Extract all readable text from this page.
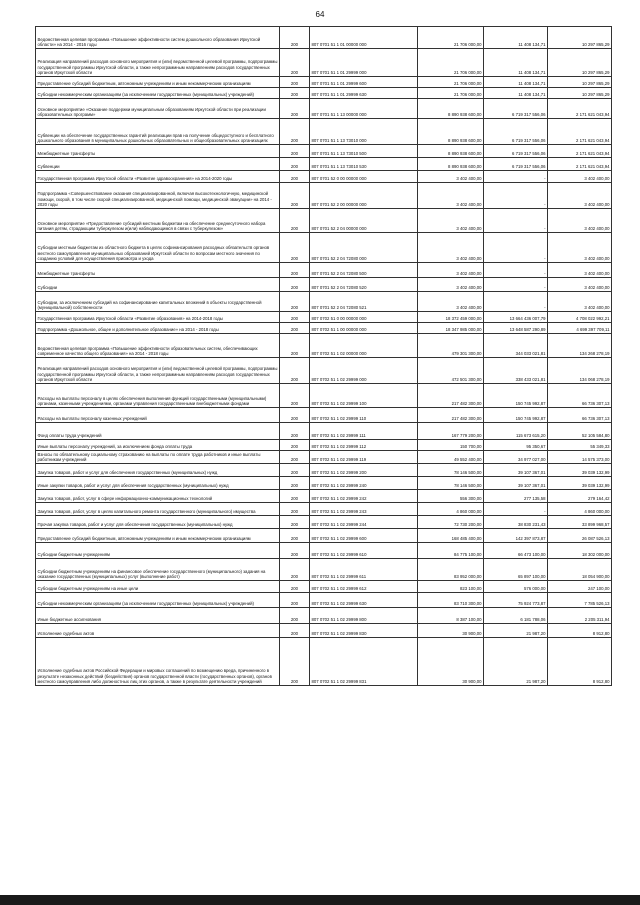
64
Ведомственная целевая программа «Повышение эффективности систем дошкольного образования Иркутской области» на 2014 - 2016 годы	200	807 0701 51 1 01 00000 000	21 706 000,00	11 408 134,71	10 297 865,29
Реализация направлений расходов основного мероприятия и (или) ведомственной целевой программы, подпрограммы государственной программы Иркутской области, а также непрограммным направлениям расходов государственных органов Иркутской области	200	807 0701 51 1 01 29999 000	21 706 000,00	11 408 134,71	10 297 865,29
Предоставление субсидий бюджетным, автономным учреждениям и иным некоммерческим организациям	200	807 0701 51 1 01 29999 600	21 706 000,00	11 408 134,71	10 297 865,29
Субсидии некоммерческим организациям (за исключением государственных (муниципальных) учреждений)	200	807 0701 51 1 01 29999 630	21 706 000,00	11 408 134,71	10 297 865,29
Основное мероприятие «Оказание поддержки муниципальным образованиям Иркутской области при реализации образовательных программ»	200	807 0701 51 1 13 00000 000	8 890 938 600,00	6 719 317 556,06	2 171 621 043,94
Субвенции на обеспечение государственных гарантий реализации прав на получение общедоступного и бесплатного дошкольного образования в муниципальных дошкольных образовательных и общеобразовательных организациях	200	807 0701 51 1 13 73010 000	8 890 938 600,00	6 719 317 556,06	2 171 621 043,94
Межбюджетные трансферты	200	807 0701 51 1 13 73010 500	8 890 938 600,00	6 719 317 556,06	2 171 621 043,94
Субвенции	200	807 0701 51 1 13 73010 530	8 890 938 600,00	6 719 317 556,06	2 171 621 043,94
Государственная программа Иркутской области «Развитие здравоохранения» на 2014-2020 годы	200	807 0701 52 0 00 00000 000	3 402 400,00	-	3 402 400,00
Подпрограмма «Совершенствование оказания специализированной, включая высокотехнологичную, медицинской помощи, скорой, в том числе скорой специализированной, медицинской помощи, медицинской эвакуации» на 2014 - 2020 годы	200	807 0701 52 2 00 00000 000	3 402 400,00	-	3 402 400,00
Основное мероприятие «Предоставление субсидий местным бюджетам на обеспечение среднесуточного набора питания детям, страдающим туберкулезом и(или) наблюдающимся в связи с туберкулезом»	200	807 0701 52 2 04 00000 000	3 402 400,00	-	3 402 400,00
Субсидии местным бюджетам из областного бюджета в целях софинансирования расходных обязательств органов местного самоуправления муниципальных образований Иркутской области по вопросам местного значения по созданию условий для осуществления присмотра и ухода	200	807 0701 52 2 04 72080 000	3 402 400,00	-	3 402 400,00
Межбюджетные трансферты	200	807 0701 52 2 04 72080 500	3 402 400,00	-	3 402 400,00
Субсидии	200	807 0701 52 2 04 72080 520	3 402 400,00	-	3 402 400,00
Субсидии, за исключением субсидий на софинансирование капитальных вложений в объекты государственной (муниципальной) собственности	200	807 0701 52 2 04 72080 521	3 402 400,00	-	3 402 400,00
Государственная программа Иркутской области «Развитие образования» на 2014-2018 годы	200	807 0702 51 0 00 00000 000	18 372 459 000,00	13 664 436 007,79	4 708 022 992,21
Подпрограмма «Дошкольное, общее и дополнительное образование» на 2014 - 2018 годы	200	807 0702 51 1 00 00000 000	18 347 985 000,00	13 648 587 290,89	4 699 397 709,11
Ведомственная целевая программа «Повышение эффективности образовательных систем, обеспечивающих современное качество общего образования» на 2014 - 2018 годы	200	807 0702 51 1 02 00000 000	479 301 300,00	344 033 021,81	134 268 278,19
Реализация направлений расходов основного мероприятия и (или) ведомственной целевой программы, подпрограммы государственной программы Иркутской области, а также непрограммным направлениям расходов государственных органов Иркутской области	200	807 0702 51 1 02 29999 000	472 501 300,00	338 433 021,81	134 068 278,19
Расходы на выплаты персоналу в целях обеспечения выполнения функций государственными (муниципальными) органами, казенными учреждениями, органами управления государственными внебюджетными фондами	200	807 0702 51 1 02 29999 100	217 482 300,00	150 745 992,87	66 736 307,13
Расходы на выплаты персоналу казенных учреждений	200	807 0702 51 1 02 29999 110	217 482 300,00	150 745 992,87	66 736 307,13
Фонд оплаты труда учреждений	200	807 0702 51 1 02 29999 111	167 779 200,00	115 673 615,20	52 105 584,80
Иные выплаты персоналу учреждений, за исключением фонда оплаты труда	200	807 0702 51 1 02 29999 112	150 700,00	95 350,67	55 349,33
Взносы по обязательному социальному страхованию на выплаты по оплате труда работников и иные выплаты работникам учреждений	200	807 0702 51 1 02 29999 119	49 552 400,00	34 977 027,00	14 575 373,00
Закупка товаров, работ и услуг для обеспечения государственных (муниципальных) нужд	200	807 0702 51 1 02 29999 200	78 146 500,00	39 107 367,01	39 039 132,99
Иные закупки товаров, работ и услуг для обеспечения государственных (муниципальных) нужд	200	807 0702 51 1 02 29999 240	78 146 500,00	39 107 367,01	39 039 132,99
Закупка товаров, работ, услуг в сфере информационно-коммуникационных технологий	200	807 0702 51 1 02 29999 242	556 300,00	277 135,58	279 164,42
Закупка товаров, работ, услуг в целях капитального ремонта государственного (муниципального) имущества	200	807 0702 51 1 02 29999 243	4 860 000,00	-	4 860 000,00
Прочая закупка товаров, работ и услуг для обеспечения государственных (муниципальных) нужд	200	807 0702 51 1 02 29999 244	72 730 200,00	38 830 231,43	33 899 968,57
Предоставление субсидий бюджетным, автономным учреждениям и иным некоммерческим организациям	200	807 0702 51 1 02 29999 600	168 485 400,00	142 397 873,87	26 087 526,13
Субсидии бюджетным учреждениям	200	807 0702 51 1 02 29999 610	84 775 100,00	66 473 100,00	18 302 000,00
Субсидии бюджетным учреждениям на финансовое обеспечение государственного (муниципального) задания на оказание государственных (муниципальных) услуг (выполнение работ)	200	807 0702 51 1 02 29999 611	83 952 000,00	65 897 100,00	18 054 900,00
Субсидии бюджетным учреждениям на иные цели	200	807 0702 51 1 02 29999 612	823 100,00	576 000,00	247 100,00
Субсидии некоммерческим организациям (за исключением государственных (муниципальных) учреждений)	200	807 0702 51 1 02 29999 630	83 710 300,00	75 924 773,87	7 785 526,13
Иные бюджетные ассигнования	200	807 0702 51 1 02 29999 800	8 387 100,00	6 181 788,06	2 205 311,94
Исполнение судебных актов	200	807 0702 51 1 02 29999 830	30 900,00	21 987,20	8 912,80
Исполнение судебных актов Российской Федерации и мировых соглашений по возмещению вреда, причиненного в результате незаконных действий (бездействия) органов государственной власти (государственных органов), органов местного самоуправления либо должностных лиц этих органов, а также в результате деятельности учреждений	200	807 0702 51 1 02 29999 831	30 900,00	21 987,20	8 912,80
